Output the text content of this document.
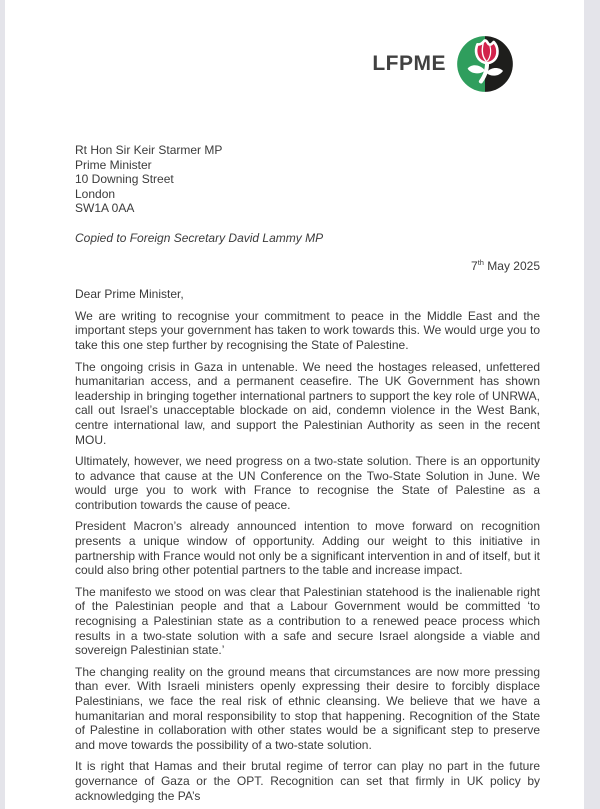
LFPME
Rt Hon Sir Keir Starmer MP
Prime Minister
10 Downing Street
London
SW1A 0AA
Copied to Foreign Secretary David Lammy MP
7th May 2025
Dear Prime Minister,

We are writing to recognise your commitment to peace in the Middle East and the important steps your government has taken to work towards this. We would urge you to take this one step further by recognising the State of Palestine.

The ongoing crisis in Gaza in untenable. We need the hostages released, unfettered humanitarian access, and a permanent ceasefire. The UK Government has shown leadership in bringing together international partners to support the key role of UNRWA, call out Israel’s unacceptable blockade on aid, condemn violence in the West Bank, centre international law, and support the Palestinian Authority as seen in the recent MOU.

Ultimately, however, we need progress on a two-state solution. There is an opportunity to advance that cause at the UN Conference on the Two-State Solution in June. We would urge you to work with France to recognise the State of Palestine as a contribution towards the cause of peace.

President Macron’s already announced intention to move forward on recognition presents a unique window of opportunity. Adding our weight to this initiative in partnership with France would not only be a significant intervention in and of itself, but it could also bring other potential partners to the table and increase impact.

The manifesto we stood on was clear that Palestinian statehood is the inalienable right of the Palestinian people and that a Labour Government would be committed ‘to recognising a Palestinian state as a contribution to a renewed peace process which results in a two-state solution with a safe and secure Israel alongside a viable and sovereign Palestinian state.’

The changing reality on the ground means that circumstances are now more pressing than ever. With Israeli ministers openly expressing their desire to forcibly displace Palestinians, we face the real risk of ethnic cleansing. We believe that we have a humanitarian and moral responsibility to stop that happening. Recognition of the State of Palestine in collaboration with other states would be a significant step to preserve and move towards the possibility of a two-state solution.

It is right that Hamas and their brutal regime of terror can play no part in the future governance of Gaza or the OPT. Recognition can set that firmly in UK policy by acknowledging the PA’s
